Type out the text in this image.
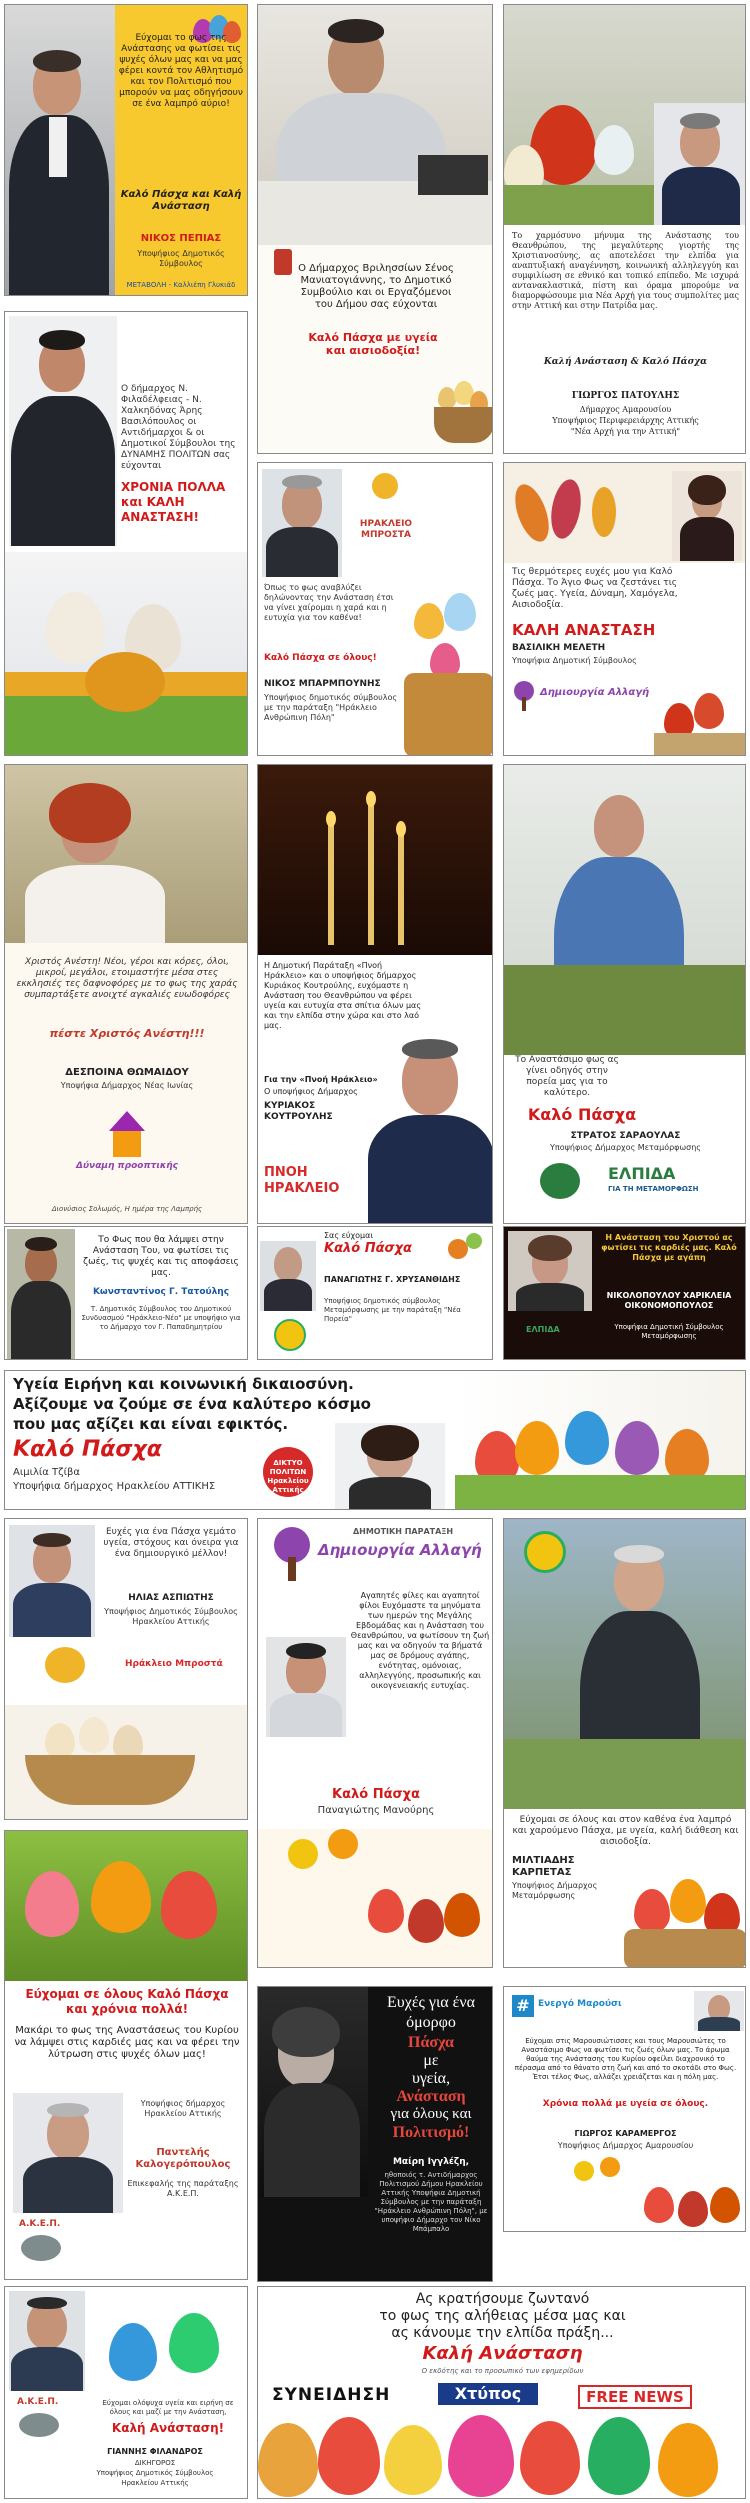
Εύχομαι το φως της Ανάστασης να φωτίσει τις ψυχές όλων μας και να μας φέρει κοντά τον Αθλητισμό και τον Πολιτισμό που μπορούν να μας οδηγήσουν σε ένα λαμπρό αύριο!

Καλό Πάσχα και Καλή Ανάσταση

ΝΙΚΟΣ ΠΕΠΙΑΣ

Υποψήφιος Δημοτικός Σύμβουλος

ΜΕΤΑΒΟΛΗ - Καλλιέπη Γλυκιάδ

Ο Δήμαρχος Βριλησσίων Σένος Μανιατογιάννης, το Δημοτικό Συμβούλιο και οι Εργαζόμενοι του Δήμου σας εύχονται

Καλό Πάσχα με υγεία και αισιοδοξία!

Το χαρμόσυνο μήνυμα της Ανάστασης του Θεανθρώπου, της μεγαλύτερης γιορτής της Χριστιανοσύνης, ας αποτελέσει την ελπίδα για αναπτυξιακή αναγέννηση, κοινωνική αλληλεγγύη και συμφιλίωση σε εθνικό και τοπικό επίπεδο. Με ισχυρά αντανακλαστικά, πίστη και όραμα μπορούμε να διαμορφώσουμε μια Νέα Αρχή για τους συμπολίτες μας στην Αττική και στην Πατρίδα μας.

Καλή Ανάσταση & Καλό Πάσχα

ΓΙΩΡΓΟΣ ΠΑΤΟΥΛΗΣ

Δήμαρχος Αμαρουσίου

Υποψήφιος Περιφερειάρχης Αττικής

"Νέα Αρχή για την Αττική"

Ο δήμαρχος Ν. Φιλαδέλφειας - Ν. Χαλκηδόνας Άρης Βασιλόπουλος οι Αντιδήμαρχοι & οι Δημοτικοί Σύμβουλοι της ΔΥΝΑΜΗΣ ΠΟΛΙΤΩΝ σας εύχονται

ΧΡΟΝΙΑ ΠΟΛΛΑ και ΚΑΛΗ ΑΝΑΣΤΑΣΗ!	ΗΡΑΚΛΕΙΟ ΜΠΡΟΣΤΑ

Όπως το φως αναβλύζει δηλώνοντας την Ανάσταση έτσι να γίνει χαίρομαι η χαρά και η ευτυχία για τον καθένα!

Καλό Πάσχα σε όλους!

ΝΙΚΟΣ ΜΠΑΡΜΠΟΥΝΗΣ

Υποψήφιος δημοτικός σύμβουλος με την παράταξη "Ηράκλειο Ανθρώπινη Πόλη"

Τις θερμότερες ευχές μου για Καλό Πάσχα. Το Άγιο Φως να ζεστάνει τις ζωές μας. Υγεία, Δύναμη, Χαμόγελα, Αισιοδοξία.

ΚΑΛΗ ΑΝΑΣΤΑΣΗ

ΒΑΣΙΛΙΚΗ ΜΕΛΕΤΗ

Υποψήφια Δημοτική Σύμβουλος

Δημιουργία Αλλαγή

Χριστός Ανέστη! Νέοι, γέροι και κόρες, όλοι, μικροί, μεγάλοι, ετοιμαστήτε μέσα στες εκκλησιές τες δαφνοφόρες με το φως της χαράς συμπαρτάξετε ανοιχτέ αγκαλιές ευωδοφόρες

πέστε Χριστός Ανέστη!!!

ΔΕΣΠΟΙΝΑ ΘΩΜΑΙΔΟΥ

Υποψήφια Δήμαρχος Νέας Ιωνίας

Δύναμη προοπτικής

Διονύσιος Σολωμός, Η ημέρα της Λαμπρής

Η Δημοτική Παράταξη «Πνοή Ηράκλειο» και ο υποψήφιος δήμαρχος Κυριάκος Κουτρούλης, ευχόμαστε η Ανάσταση του Θεανθρώπου να φέρει υγεία και ευτυχία στα σπίτια όλων μας και την ελπίδα στην χώρα και στο λαό μας.

Για την «Πνοή Ηράκλειο»

Ο υποψήφιος Δήμαρχος

ΚΥΡΙΑΚΟΣ ΚΟΥΤΡΟΥΛΗΣ

ΠΝΟΗ ΗΡΑΚΛΕΙΟ

Το Αναστάσιμο φως ας γίνει οδηγός στην πορεία μας για το καλύτερο.

Καλό Πάσχα

ΣΤΡΑΤΟΣ ΣΑΡΑΟΥΛΑΣ

Υποψήφιος Δήμαρχος Μεταμόρφωσης

ΕΛΠΙΔΑ

ΓΙΑ ΤΗ ΜΕΤΑΜΟΡΦΩΣΗ

Το Φως που θα λάμψει στην Ανάσταση Του, να φωτίσει τις ζωές, τις ψυχές και τις αποφάσεις μας.

Κωνσταντίνος Γ. Τατούλης

Τ. Δημοτικός Σύμβουλος του Δημοτικού Συνδυασμού "Ηράκλειο-Νέο" με υποψήφιο για το Δήμαρχο τον Γ. Παπαδημητρίου

Σας εύχομαι

Καλό Πάσχα

ΠΑΝΑΓΙΩΤΗΣ Γ. ΧΡΥΣΑΝΘΙΔΗΣ

Υποψήφιος δημοτικός σύμβουλος Μεταμόρφωσης με την παράταξη "Νέα Πορεία"

Η Ανάσταση του Χριστού ας φωτίσει τις καρδιές μας. Καλό Πάσχα με αγάπη

ΝΙΚΟΛΟΠΟΥΛΟΥ ΧΑΡΙΚΛΕΙΑ ΟΙΚΟΝΟΜΟΠΟΥΛΟΣ

Υποψήφια Δημοτική Σύμβουλος Μεταμόρφωσης

ΕΛΠΙΔΑ

Υγεία Ειρήνη και κοινωνική δικαιοσύνη.

Αξίζουμε να ζούμε σε ένα καλύτερο κόσμο

που μας αξίζει και είναι εφικτός.

Καλό Πάσχα

Αιμιλία Τζίβα

Υποψήφια δήμαρχος Ηρακλείου ΑΤΤΙΚΗΣ

ΔΙΚΤΥΟ ΠΟΛΙΤΩΝ Ηρακλείου Αττικής

Ευχές για ένα Πάσχα γεμάτο υγεία, στόχους και όνειρα για ένα δημιουργικό μέλλον!

ΗΛΙΑΣ ΑΣΠΙΩΤΗΣ

Υποψήφιος Δημοτικός Σύμβουλος Ηρακλείου Αττικής

Ηράκλειο Μπροστά

ΔΗΜΟΤΙΚΗ ΠΑΡΑΤΑΞΗ

Δημιουργία Αλλαγή

Αγαπητές φίλες και αγαπητοί φίλοι Ευχόμαστε τα μηνύματα των ημερών της Μεγάλης Εβδομάδας και η Ανάσταση του Θεανθρώπου, να φωτίσουν τη ζωή μας και να οδηγούν τα βήματά μας σε δρόμους αγάπης, ενότητας, ομόνοιας, αλληλεγγύης, προσωπικής και οικογενειακής ευτυχίας.

Καλό Πάσχα

Παναγιώτης Μανούρης

Εύχομαι σε όλους και στον καθένα ένα λαμπρό και χαρούμενο Πάσχα, με υγεία, καλή διάθεση και αισιοδοξία.

ΜΙΛΤΙΑΔΗΣ ΚΑΡΠΕΤΑΣ

Υποψήφιος Δήμαρχος Μεταμόρφωσης

Εύχομαι σε όλους Καλό Πάσχα και χρόνια πολλά!

Μακάρι το φως της Αναστάσεως του Κυρίου να λάμψει στις καρδιές μας και να φέρει την λύτρωση στις ψυχές όλων μας!

Υποψήφιος δήμαρχος Ηρακλείου Αττικής

Παντελής Καλογερόπουλος

Επικεφαλής της παράταξης Α.Κ.Ε.Π.

Α.Κ.Ε.Π.

Ευχές για ένα

όμορφο

Πάσχα

με

υγεία,

Ανάσταση

για όλους και

Πολιτισμό!

Μαίρη Ιγγλέζη,

ηθοποιός τ. Αντιδήμαρχος Πολιτισμού Δήμου Ηρακλείου Αττικής Υποψήφια Δημοτική Σύμβουλος με την παράταξη "Ηράκλειο Ανθρώπινη Πόλη", με υποψήφιο Δήμαρχο τον Νίκο Μπάμπαλο

# Ενεργό Μαρούσι

Εύχομαι στις Μαρουσιώτισσες και τους Μαρουσιώτες το Αναστάσιμο Φως να φωτίσει τις ζωές όλων μας. Το άρωμα θαύμα της Ανάστασης του Κυρίου οφείλει διαχρονικό το πέρασμα από το θάνατο στη ζωή και από το σκοτάδι στο Φως. Έτσι τέλος Φως, αλλάζει χρειάζεται και η πόλη μας.

Χρόνια πολλά με υγεία σε όλους.

ΓΙΩΡΓΟΣ ΚΑΡΑΜΕΡΓΟΣ

Υποψήφιος Δήμαρχος Αμαρουσίου

Α.Κ.Ε.Π.	Εύχομαι ολόψυχα υγεία και ειρήνη σε όλους και μαζί με την Ανάσταση,

Καλή Ανάσταση!

ΓΙΑΝΝΗΣ ΦΙΛΑΝΔΡΟΣ

ΔΙΚΗΓΟΡΟΣ

Υποψήφιος Δημοτικός Σύμβουλος

Ηρακλείου Αττικής

Ας κρατήσουμε ζωντανό

το φως της αλήθειας μέσα μας και

ας κάνουμε την ελπίδα πράξη...

Καλή Ανάσταση

Ο εκδότης και το προσωπικό των εφημερίδων

ΣΥΝΕΙΔΗΣΗ	Χτύπος	FREE NEWS
